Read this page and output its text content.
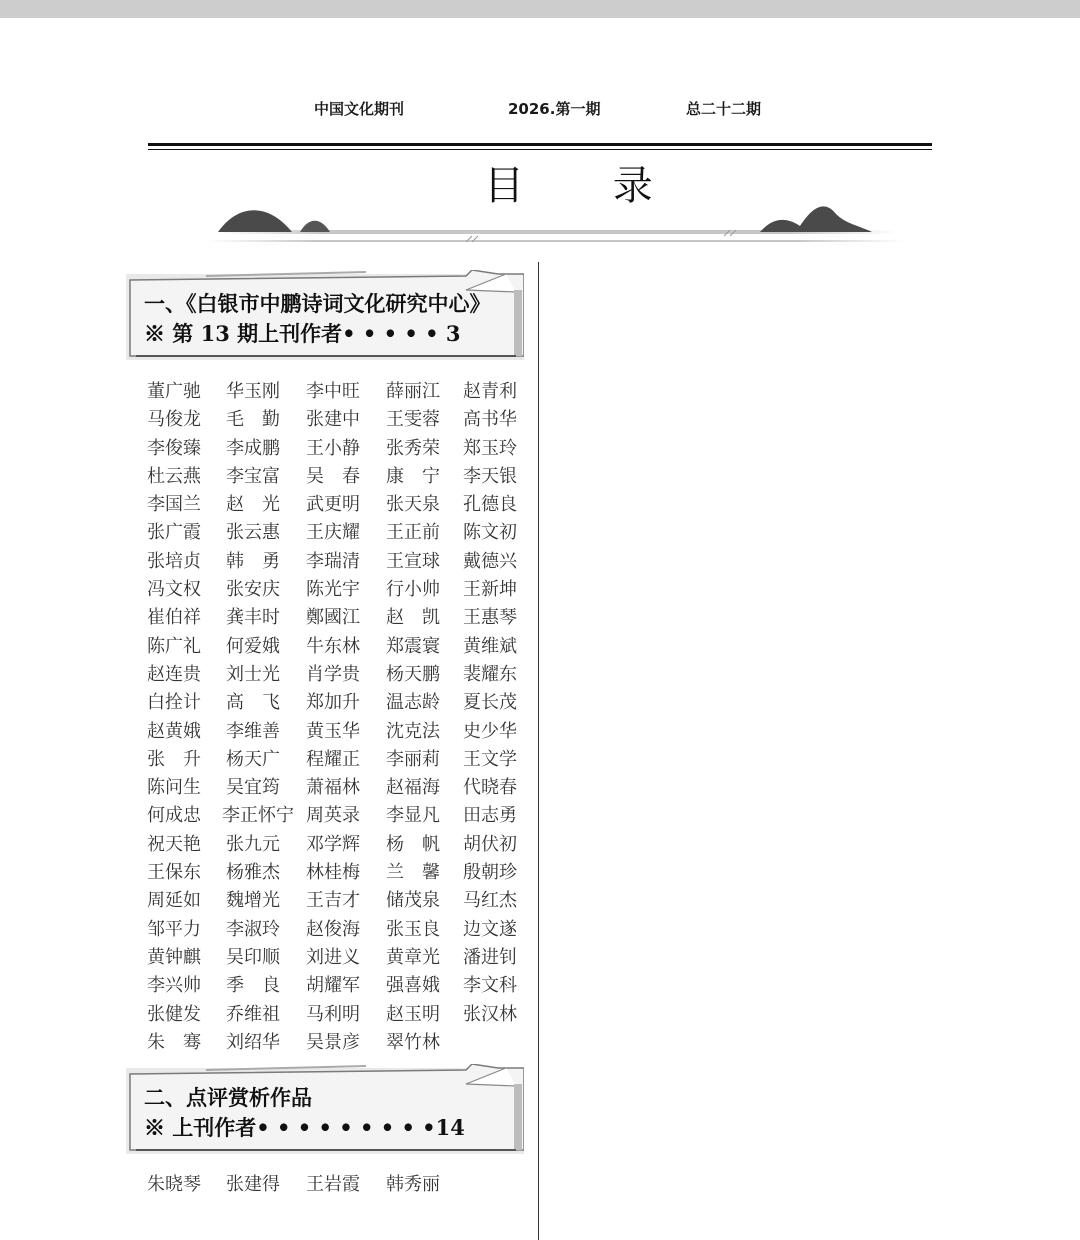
中国文化期刊	2026.第一期	总二十二期
目 录
一、《白银市中鹏诗词文化研究中心》
※ 第 13 期上刊作者• • • • • 3
董广驰 华玉刚 李中旺 薛丽江 赵青利
马俊龙 毛　勤 张建中 王雯蓉 高书华
李俊臻 李成鹏 王小静 张秀荣 郑玉玲
杜云燕 李宝富 吴　春 康　宁 李天银
李国兰 赵　光 武更明 张天泉 孔德良
张广霞 张云惠 王庆耀 王正前 陈文初
张培贞 韩　勇 李瑞清 王宣球 戴德兴
冯文权 张安庆 陈光宇 行小帅 王新坤
崔伯祥 龚丰时 鄭國江 赵　凯 王惠琴
陈广礼 何爱娥 牛东林 郑震寰 黄维斌
赵连贵 刘士光 肖学贵 杨天鹏 裴耀东
白拴计 高　飞 郑加升 温志龄 夏长茂
赵黄娥 李维善 黄玉华 沈克法 史少华
张　升 杨天广 程耀正 李丽莉 王文学
陈问生 吴宜筠 萧福林 赵福海 代晓春
何成忠 李正怀宁 周英录 李显凡 田志勇
祝天艳 张九元 邓学辉 杨　帆 胡伏初
王保东 杨雅杰 林桂梅 兰　馨 殷朝珍
周延如 魏增光 王吉才 储茂泉 马红杰
邹平力 李淑玲 赵俊海 张玉良 边文遂
黄钟麒 吴印顺 刘进义 黄章光 潘进钊
李兴帅 季　良 胡耀军 强喜娥 李文科
张健发 乔维祖 马利明 赵玉明 张汉林
朱　骞 刘绍华 吴景彦 翠竹林
二、点评赏析作品
※ 上刊作者• • • • • • • • •14
朱晓琴 张建得 王岩霞 韩秀丽
